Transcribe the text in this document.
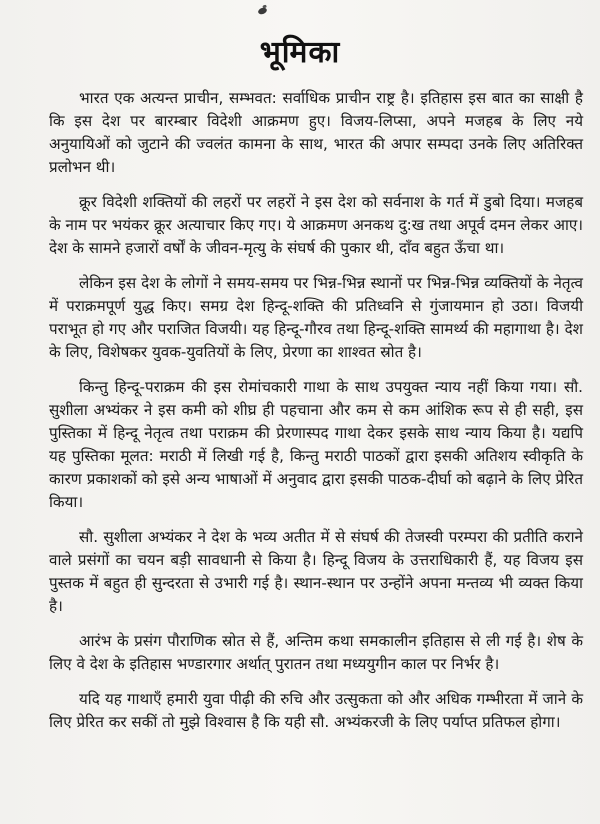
भूमिका

भारत एक अत्यन्त प्राचीन, सम्भवत: सर्वाधिक प्राचीन राष्ट्र है। इतिहास इस बात का साक्षी है कि इस देश पर बारम्बार विदेशी आक्रमण हुए। विजय-लिप्सा, अपने मजहब के लिए नये अनुयायिओं को जुटाने की ज्वलंत कामना के साथ, भारत की अपार सम्पदा उनके लिए अतिरिक्त प्रलोभन थी।

क्रूर विदेशी शक्तियों की लहरों पर लहरों ने इस देश को सर्वनाश के गर्त में डुबो दिया। मजहब के नाम पर भयंकर क्रूर अत्याचार किए गए। ये आक्रमण अनकथ दु:ख तथा अपूर्व दमन लेकर आए। देश के सामने हजारों वर्षों के जीवन-मृत्यु के संघर्ष की पुकार थी, दाँव बहुत ऊँचा था।

लेकिन इस देश के लोगों ने समय-समय पर भिन्न-भिन्न स्थानों पर भिन्न-भिन्न व्यक्तियों के नेतृत्व में पराक्रमपूर्ण युद्ध किए। समग्र देश हिन्दू-शक्ति की प्रतिध्वनि से गुंजायमान हो उठा। विजयी पराभूत हो गए और पराजित विजयी। यह हिन्दू-गौरव तथा हिन्दू-शक्ति सामर्थ्य की महागाथा है। देश के लिए, विशेषकर युवक-युवतियों के लिए, प्रेरणा का शाश्वत स्रोत है।

किन्तु हिन्दू-पराक्रम की इस रोमांचकारी गाथा के साथ उपयुक्त न्याय नहीं किया गया। सौ. सुशीला अभ्यंकर ने इस कमी को शीघ्र ही पहचाना और कम से कम आंशिक रूप से ही सही, इस पुस्तिका में हिन्दू नेतृत्व तथा पराक्रम की प्रेरणास्पद गाथा देकर इसके साथ न्याय किया है। यद्यपि यह पुस्तिका मूलत: मराठी में लिखी गई है, किन्तु मराठी पाठकों द्वारा इसकी अतिशय स्वीकृति के कारण प्रकाशकों को इसे अन्य भाषाओं में अनुवाद द्वारा इसकी पाठक-दीर्घा को बढ़ाने के लिए प्रेरित किया।

सौ. सुशीला अभ्यंकर ने देश के भव्य अतीत में से संघर्ष की तेजस्वी परम्परा की प्रतीति कराने वाले प्रसंगों का चयन बड़ी सावधानी से किया है। हिन्दू विजय के उत्तराधिकारी हैं, यह विजय इस पुस्तक में बहुत ही सुन्दरता से उभारी गई है। स्थान-स्थान पर उन्होंने अपना मन्तव्य भी व्यक्त किया है।

आरंभ के प्रसंग पौराणिक स्रोत से हैं, अन्तिम कथा समकालीन इतिहास से ली गई है। शेष के लिए वे देश के इतिहास भण्डारगार अर्थात् पुरातन तथा मध्ययुगीन काल पर निर्भर है।

यदि यह गाथाएँ हमारी युवा पीढ़ी की रुचि और उत्सुकता को और अधिक गम्भीरता में जाने के लिए प्रेरित कर सकीं तो मुझे विश्वास है कि यही सौ. अभ्यंकरजी के लिए पर्याप्त प्रतिफल होगा।
